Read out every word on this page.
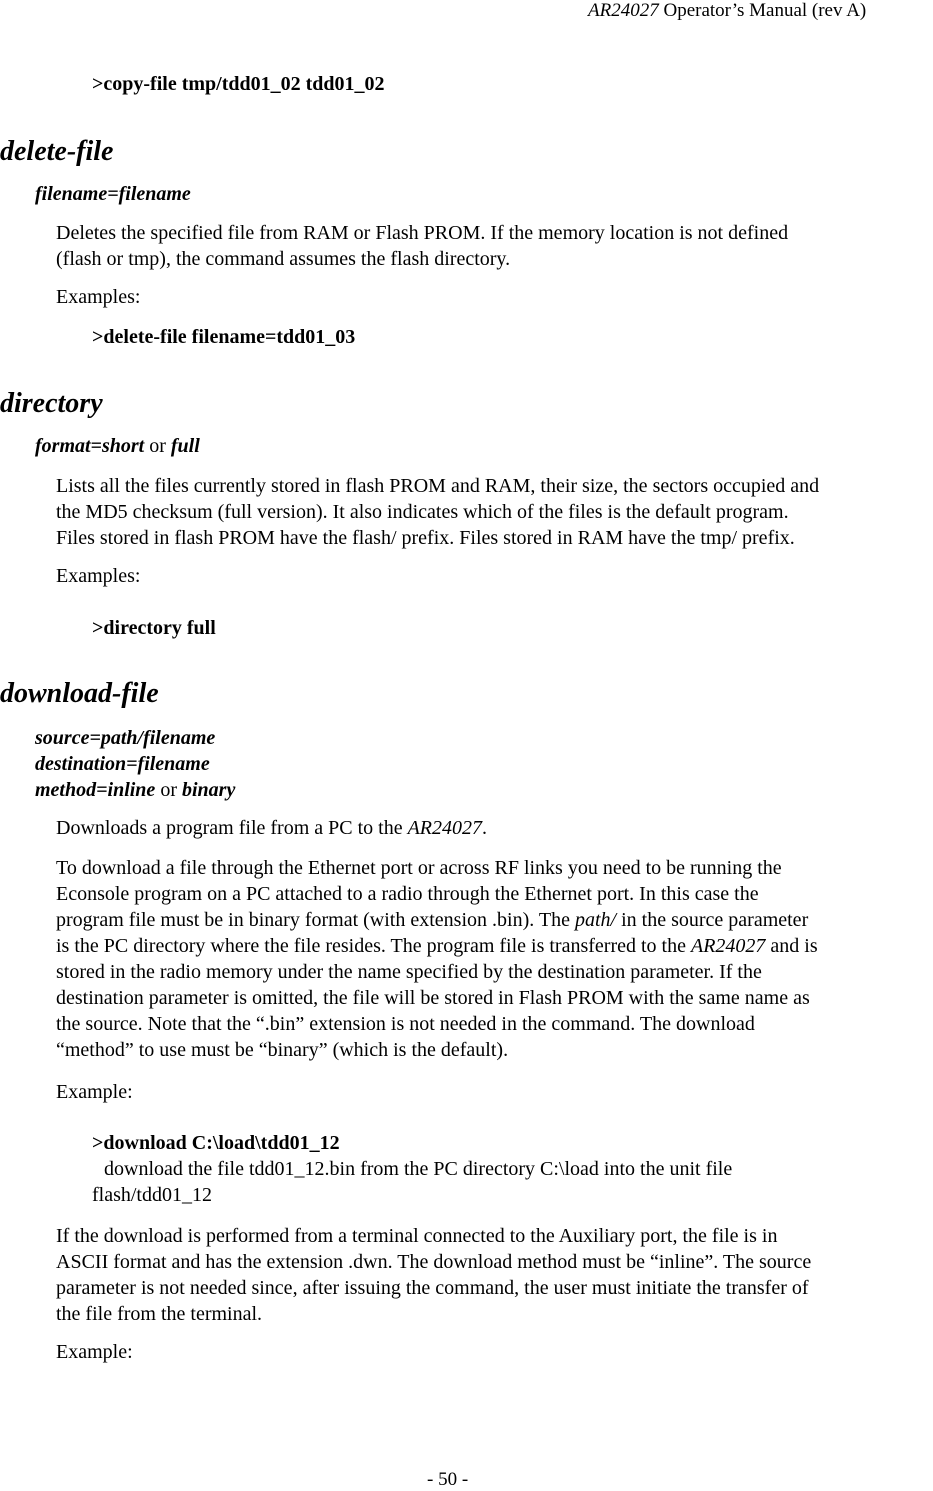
AR24027 Operator’s Manual (rev A)
>copy-file tmp/tdd01_02 tdd01_02
delete-file
filename=filename
Deletes the specified file from RAM or Flash PROM. If the memory location is not defined
(flash or tmp), the command assumes the flash directory.
Examples:
>delete-file filename=tdd01_03
directory
format=short or full
Lists all the files currently stored in flash PROM and RAM, their size, the sectors occupied and
the MD5 checksum (full version). It also indicates which of the files is the default program.
Files stored in flash PROM have the flash/ prefix. Files stored in RAM have the tmp/ prefix.
Examples:
>directory full
download-file
source=path/filename
destination=filename
method=inline or binary
Downloads a program file from a PC to the AR24027.
To download a file through the Ethernet port or across RF links you need to be running the
Econsole program on a PC attached to a radio through the Ethernet port. In this case the
program file must be in binary format (with extension .bin). The path/ in the source parameter
is the PC directory where the file resides. The program file is transferred to the AR24027 and is
stored in the radio memory under the name specified by the destination parameter. If the
destination parameter is omitted, the file will be stored in Flash PROM with the same name as
the source. Note that the “.bin” extension is not needed in the command. The download
“method” to use must be “binary” (which is the default).
Example:
>download C:\load\tdd01_12
download the file tdd01_12.bin from the PC directory C:\load into the unit file
flash/tdd01_12
If the download is performed from a terminal connected to the Auxiliary port, the file is in
ASCII format and has the extension .dwn. The download method must be “inline”. The source
parameter is not needed since, after issuing the command, the user must initiate the transfer of
the file from the terminal.
Example:
- 50 -
